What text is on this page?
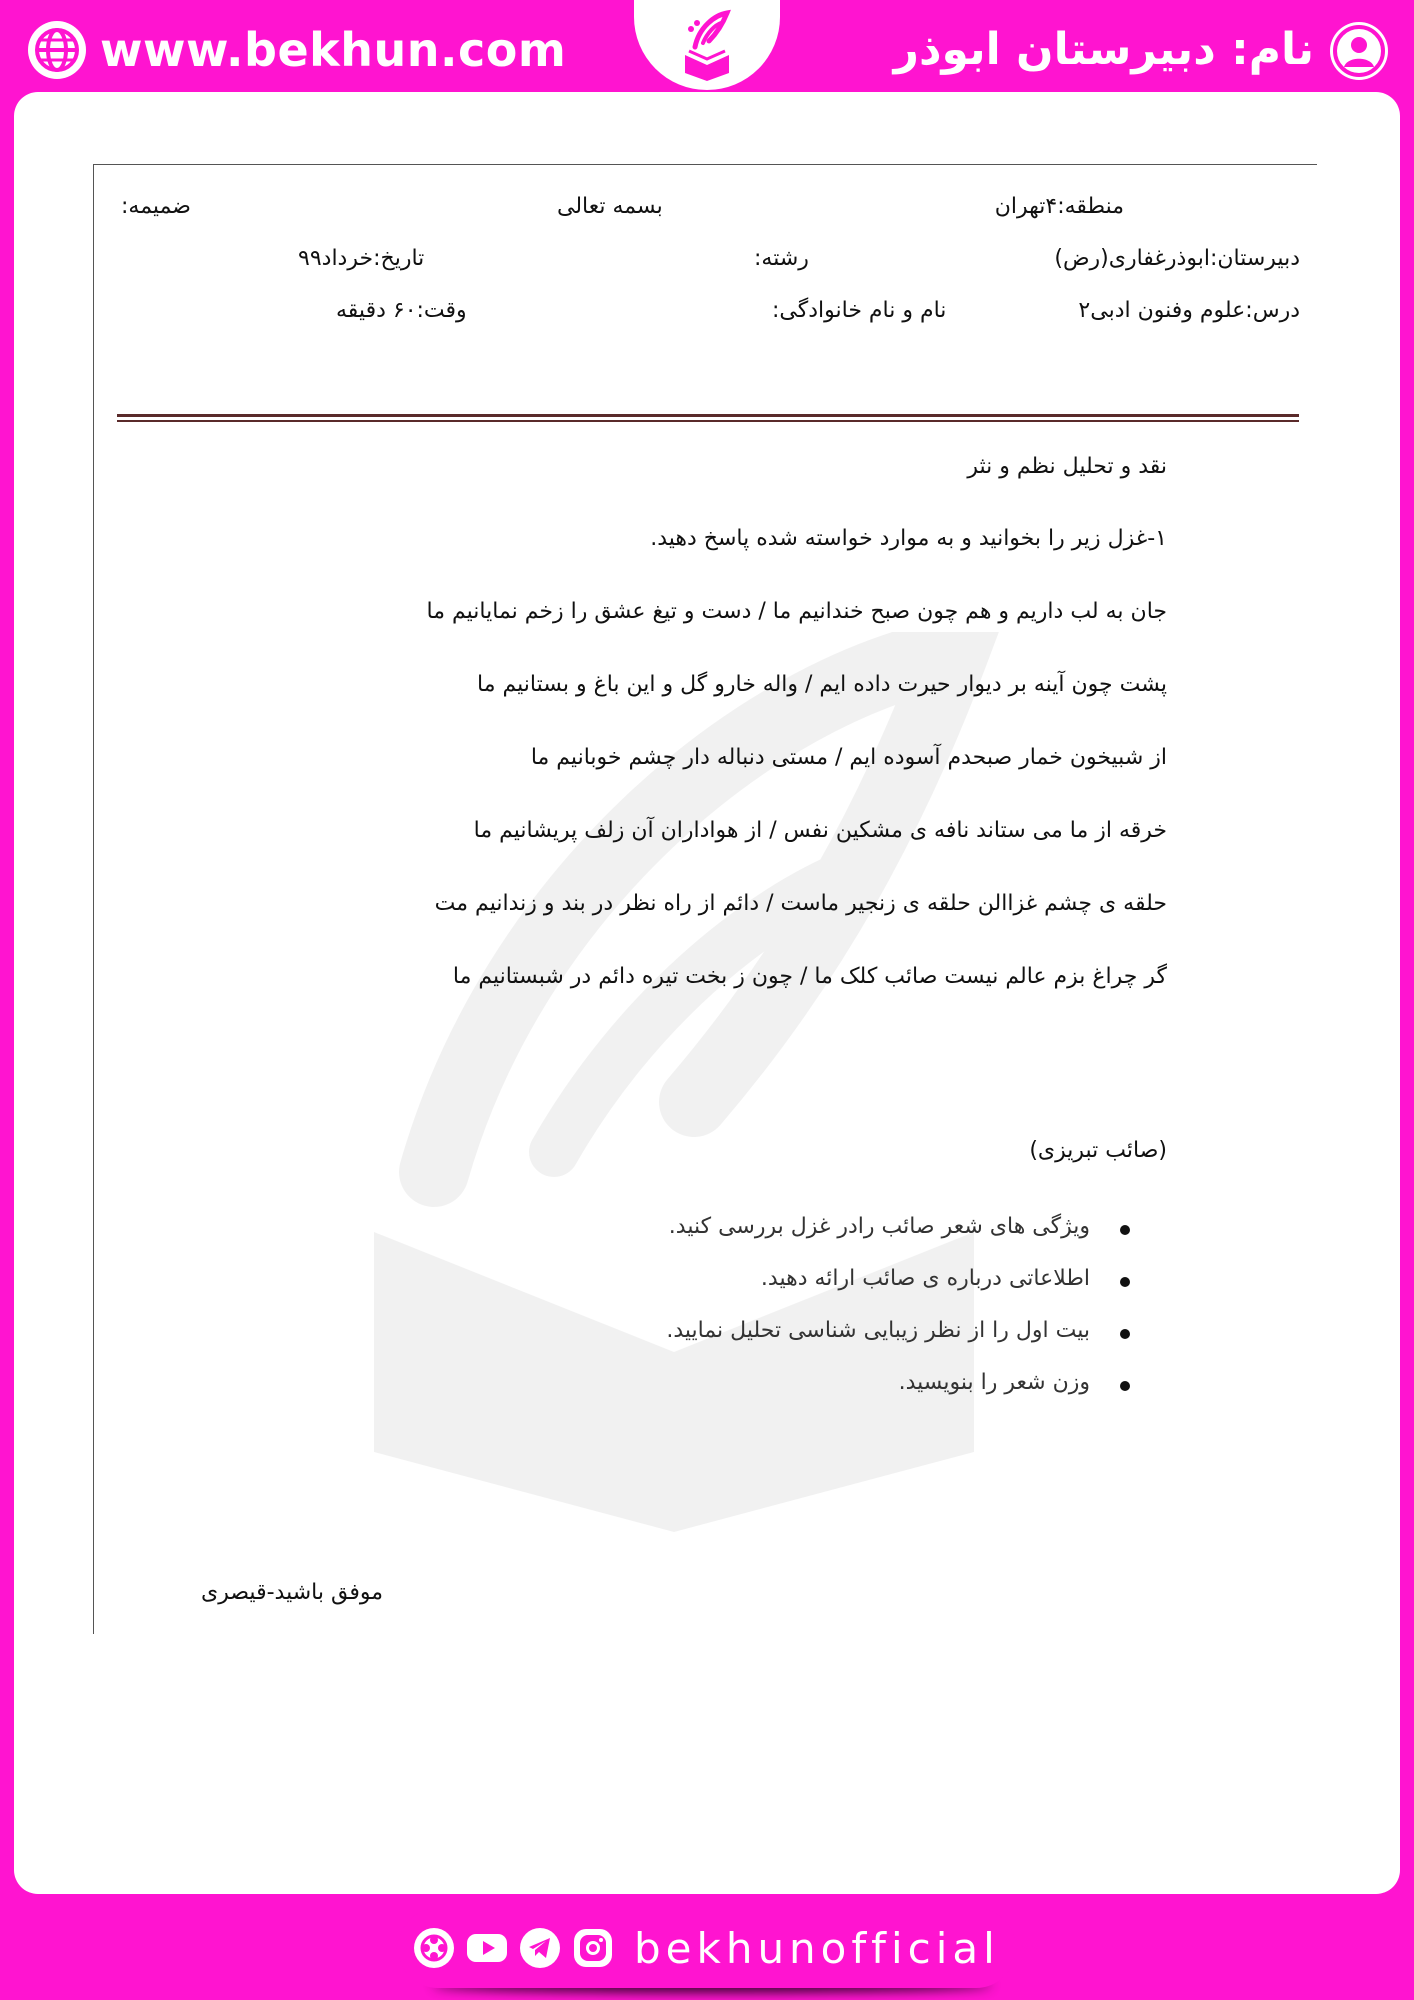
www.bekhun.com	نام: دبیرستان ابوذر
منطقه:۴تهران
بسمه تعالی
ضمیمه:
دبیرستان:ابوذرغفاری(رض)
رشته:
تاریخ:خرداد۹۹
درس:علوم وفنون ادبی۲
نام و نام خانوادگی:
وقت:۶۰ دقیقه
نقد و تحلیل نظم و نثر
۱-غزل زیر را بخوانید و به موارد خواسته شده پاسخ دهید.
جان به لب داریم و هم چون صبح خندانیم ما / دست و تیغ عشق را زخم نمایانیم ما
پشت چون آینه بر دیوار حیرت داده ایم / واله خارو گل و این باغ و بستانیم ما
از شبیخون خمار صبحدم آسوده ایم / مستی دنباله دار چشم خوبانیم ما
خرقه از ما می ستاند نافه ی مشکین نفس / از هواداران آن زلف پریشانیم ما
حلقه ی چشم غزاالن حلقه ی زنجیر ماست / دائم از راه نظر در بند و زندانیم مت
گر چراغ بزم عالم نیست صائب کلک ما / چون ز بخت تیره دائم در شبستانیم ما
(صائب تبریزی)
ویژگی های شعر صائب رادر غزل بررسی کنید.
اطلاعاتی درباره ی صائب ارائه دهید.
بیت اول را از نظر زیبایی شناسی تحلیل نمایید.
وزن شعر را بنویسید.
موفق باشید-قیصری
bekhunofficial
